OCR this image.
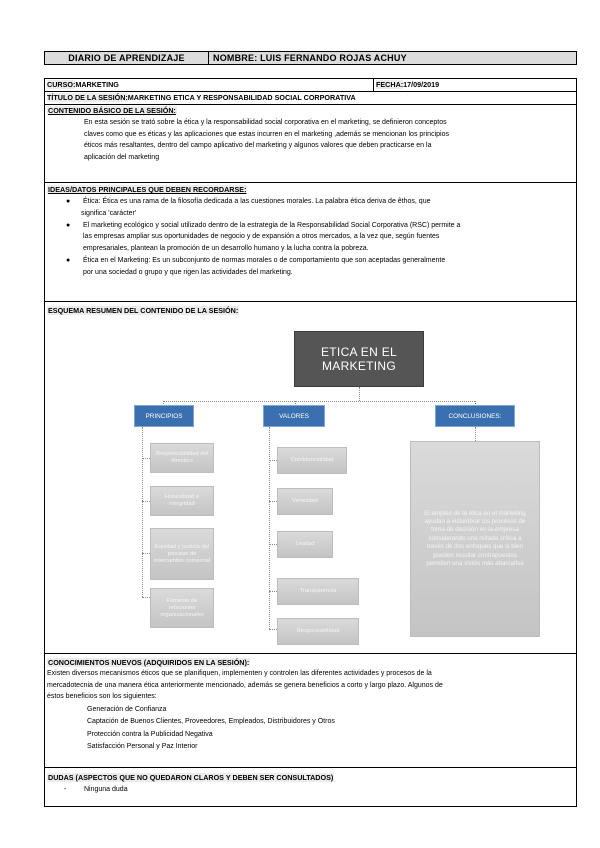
DIARIO DE APRENDIZAJE	NOMBRE: LUIS FERNANDO ROJAS ACHUY
CURSO:MARKETING	FECHA:17/09/2019
TÍTULO DE LA SESIÓN:MARKETING ETICA Y RESPONSABILIDAD SOCIAL CORPORATIVA
CONTENIDO BÁSICO DE LA SESIÓN:
En esta sesión se trató sobre la ética y la responsabilidad social corporativa en el marketing, se definieron conceptos
claves como que es éticas y las aplicaciones que estas incurren en el marketing ,además se mencionan los principios
éticos más resaltantes, dentro del campo aplicativo del marketing y algunos valores que deben practicarse en la
aplicación del marketing
IDEAS/DATOS PRINCIPALES QUE DEBEN RECORDARSE:
● Ética: Ética es una rama de la filosofía dedicada a las cuestiones morales. La palabra ética deriva de êthos, que
significa 'carácter'
● El marketing ecológico y social utilizado dentro de la estrategia de la Responsabilidad Social Corporativa (RSC) permite a
las empresas ampliar sus oportunidades de negocio y de expansión a otros mercados, a la vez que, según fuentes
empresariales, plantean la promoción de un desarrollo humano y la lucha contra la pobreza.
● Ética en el Marketing: Es un subconjunto de normas morales o de comportamiento que son aceptadas generalmente
por una sociedad o grupo y que rigen las actividades del marketing.
ESQUEMA RESUMEN DEL CONTENIDO DE LA SESIÓN:
ETICA EN EL MARKETING
PRINCIPIOS
Responsabilidad del directivo
Honestidad e integridad
Equidad y justicia del proceso de intercambio comercial
Fomento de relaciones organizacionales
VALORES
Confidencialidad
Veracidad
Lealtad
Transparencia
Responsabilidad
CONCLUSIONES:
El empleo de la ética en el marketing ayudan a vislumbrar los procesos de toma de decisión en la empresa considerando una mirada crítica a través de dos enfoques que si bien pueden resultar contrapuestos permiten una visión más abarcativa
CONOCIMIENTOS NUEVOS (ADQUIRIDOS EN LA SESIÓN):
Existen diversos mecanismos éticos que se planifiquen, implementen y controlen las diferentes actividades y procesos de la
mercadotecnia de una manera ética anteriormente mencionado, además se genera beneficios a corto y largo plazo. Algunos de
éstos beneficios son los siguientes:
Generación de Confianza
Captación de Buenos Clientes, Proveedores, Empleados, Distribuidores y Otros
Protección contra la Publicidad Negativa
Satisfacción Personal y Paz Interior
DUDAS (ASPECTOS QUE NO QUEDARON CLAROS Y DEBEN SER CONSULTADOS)
-	Ninguna duda
